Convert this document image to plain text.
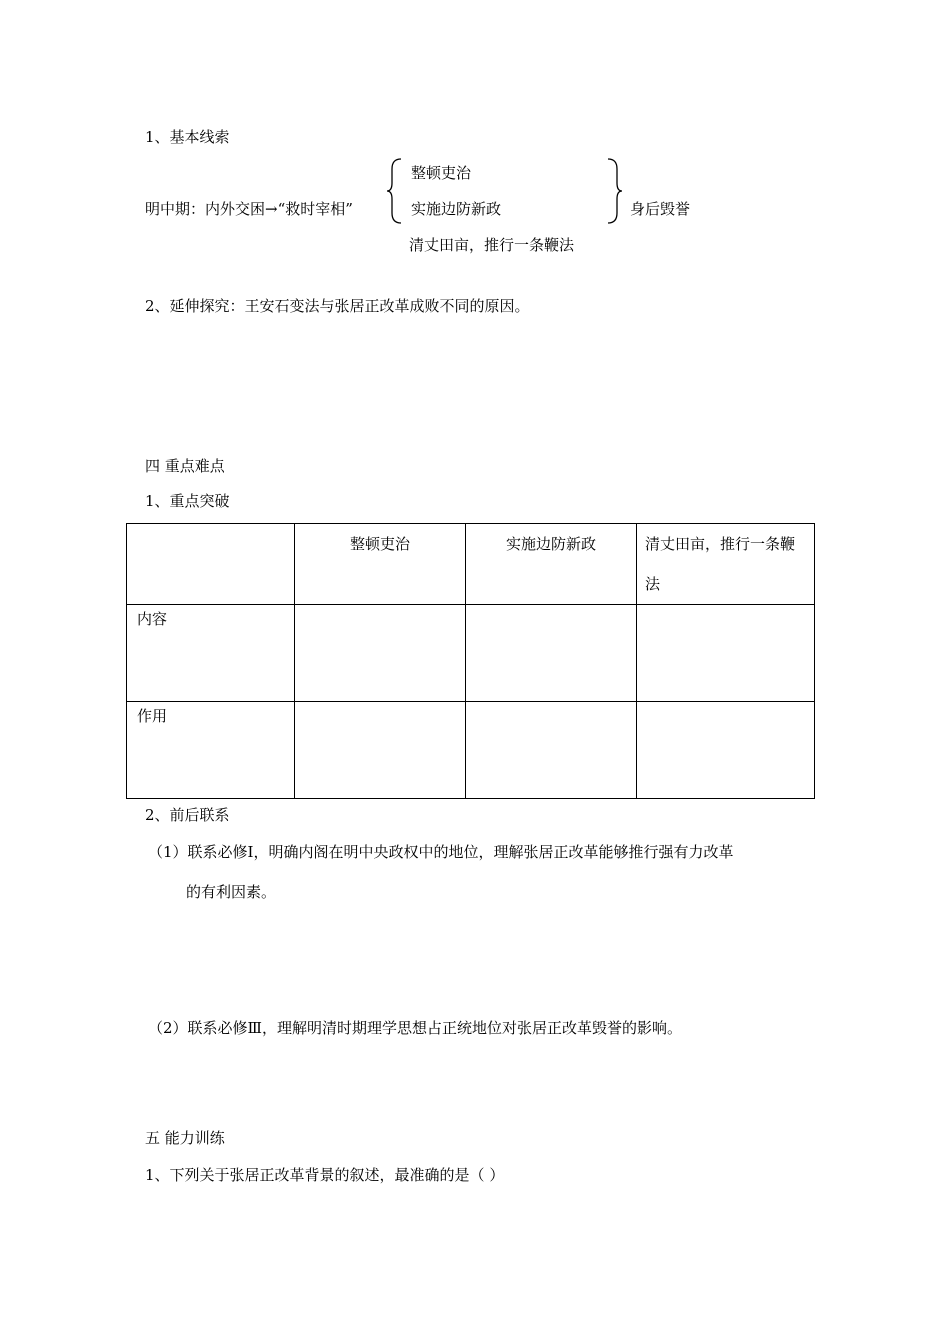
1、基本线索
明中期：内外交困→“救时宰相”
整顿吏治
实施边防新政
清丈田亩，推行一条鞭法
身后毁誉
2、延伸探究：王安石变法与张居正改革成败不同的原因。
四 重点难点
1、重点突破

	整顿吏治	实施边防新政	清丈田亩，推行一条鞭法

内容			

作用			

2、前后联系
（1）联系必修Ⅰ，明确内阁在明中央政权中的地位，理解张居正改革能够推行强有力改革
的有利因素。
（2）联系必修Ⅲ，理解明清时期理学思想占正统地位对张居正改革毁誉的影响。
五 能力训练
1、下列关于张居正改革背景的叙述，最准确的是（ ）
